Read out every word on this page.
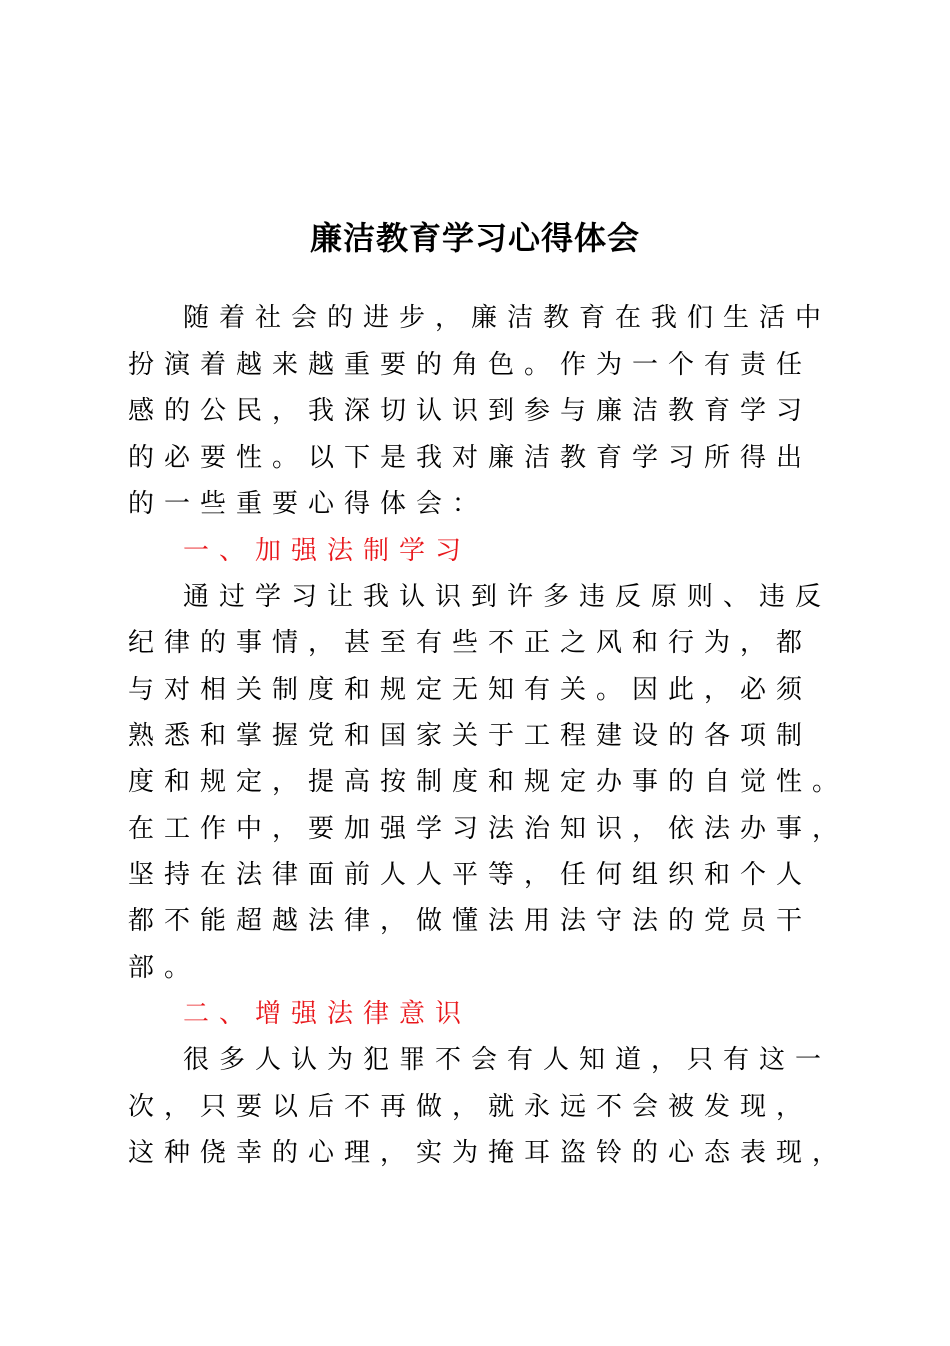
廉洁教育学习心得体会

随着社会的进步，廉洁教育在我们生活中

扮演着越来越重要的角色。作为一个有责任

感的公民，我深切认识到参与廉洁教育学习

的必要性。以下是我对廉洁教育学习所得出

的一些重要心得体会：

一、加强法制学习

通过学习让我认识到许多违反原则、违反

纪律的事情，甚至有些不正之风和行为，都

与对相关制度和规定无知有关。因此，必须

熟悉和掌握党和国家关于工程建设的各项制

度和规定，提高按制度和规定办事的自觉性。

在工作中，要加强学习法治知识，依法办事，

坚持在法律面前人人平等，任何组织和个人

都不能超越法律，做懂法用法守法的党员干

部。

二、增强法律意识

很多人认为犯罪不会有人知道，只有这一

次，只要以后不再做，就永远不会被发现，

这种侥幸的心理，实为掩耳盗铃的心态表现，
